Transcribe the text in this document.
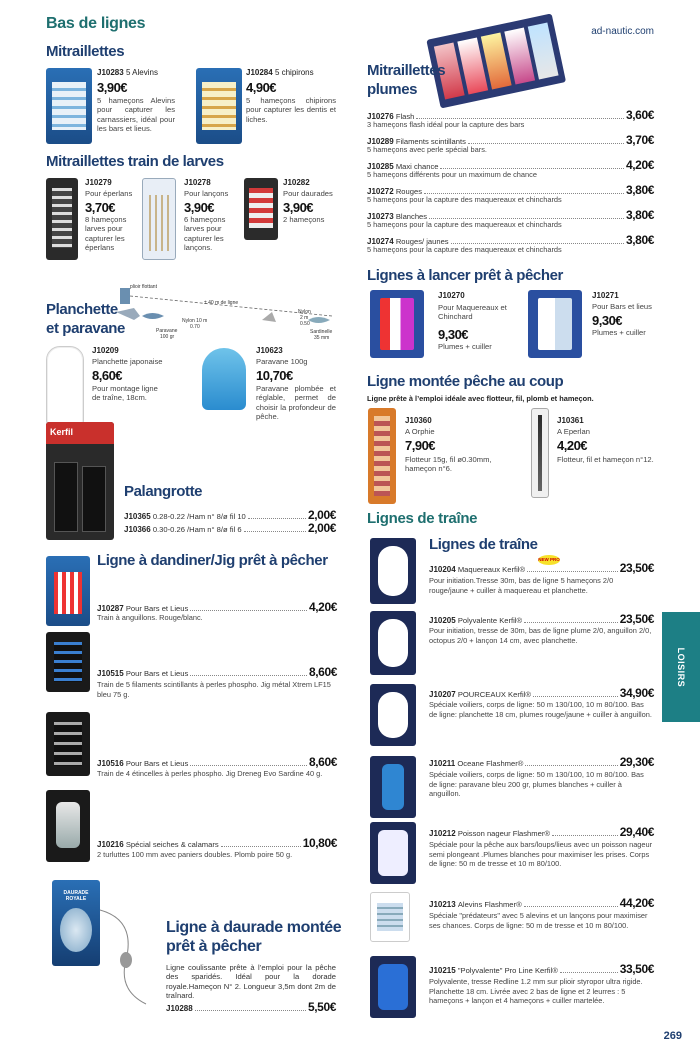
Bas de lignes	ad-nautic.com
Mitraillettes
J10283 5 Alevins
3,90€
5 hameçons Alevins pour capturer les carnassiers, idéal pour les bars et lieus.
J10284 5 chipirons
4,90€
5 hameçons chipirons pour capturer les dentis et liches.
Mitraillettes train de larves
J10279
Pour éperlans
3,70€
8 hameçons larves pour capturer les éperlans
J10278
Pour lançons
3,90€
6 hameçons larves pour capturer les lançons.
J10282
Pour daurades
3,90€
2 hameçons
Planchette
et paravane
plioir flottant
± 40 m de ligne
Nylon 10 m
0.70
Paravane
100 gr
Nylon
2 m
0.50
Sardinelle
35 mm
J10209
Planchette japonaise
8,60€
Pour montage ligne de traîne, 18cm.
J10623
Paravane 100g
10,70€
Paravane plombée et réglable, permet de choisir la profondeur de pêche.
Kerfil
Palangrotte
J10365
0.28-0.22 /Ham n° 8/ø fil 10	2,00€
J10366
0.30-0.26 /Ham n° 8/ø fil 6	2,00€
Ligne à dandiner/Jig prêt à pêcher
J10287
Pour Bars et Lieus	4,20€
Train à anguillons. Rouge/blanc.
J10515
Pour Bars et Lieus	8,60€
Train de 5 filaments scintillants à perles phospho. Jig métal Xtrem LF15 bleu 75 g.
J10516
Pour Bars et Lieus	8,60€
Train de 4 étincelles à perles phospho. Jig Dreneg Evo Sardine 40 g.
J10216
Spécial seiches & calamars	10,80€
2 turluttes 100 mm avec paniers doubles. Plomb poire 50 g.
DAURADE ROYALE
Ligne à daurade montée
prêt à pêcher
Ligne coulissante prête à l’emploi pour la pêche des sparidés. Idéal pour la dorade royale.Hameçon N° 2. Longueur 3,5m dont 2m de traînard.
J10288	5,50€
Mitraillettes
plumes
J10276
Flash	3,60€
3 hameçons flash idéal pour la capture des bars
J10289
Filaments scintillants	3,70€
5 hameçons avec perle spécial bars.
J10285
Maxi chance	4,20€
5 hameçons différents pour un maximum de chance
J10272
Rouges	3,80€
5 hameçons pour la capture des maquereaux et chinchards
J10273
Blanches	3,80€
5 hameçons pour la capture des maquereaux et chinchards
J10274
Rouges/ jaunes	3,80€
5 hameçons pour la capture des maquereaux et chinchards
Lignes à lancer prêt à pêcher
J10270
Pour Maquereaux et Chinchard
9,30€
Plumes + cuiller
J10271
Pour Bars et lieus
9,30€
Plumes + cuiller
Ligne montée pêche au coup
Ligne prête à l’emploi idéale avec flotteur, fil, plomb et hameçon.
J10360
A Orphie
7,90€
Flotteur 15g, fil ø0.30mm, hameçon n°6.
J10361
A Eperlan
4,20€
Flotteur, fil et hameçon n°12.
Lignes de traîne
Lignes de traîne
NEW PRO
J10204
Maquereaux Kerfil®	23,50€
Pour initiation.Tresse 30m, bas de ligne 5 hameçons 2/0 rouge/jaune + cuiller à maquereau et planchette.
J10205
Polyvalente Kerfil®	23,50€
Pour initiation, tresse de 30m, bas de ligne plume 2/0, anguillon 2/0, octopus 2/0 + lançon 14 cm, avec planchette.
J10207
POURCEAUX Kerfil®	34,90€
Spéciale voiliers, corps de ligne: 50 m 130/100, 10 m 80/100. Bas de ligne: planchette 18 cm, plumes rouge/jaune + cuiller à anguillon.
J10211
Oceane Flashmer®	29,30€
Spéciale voiliers, corps de ligne: 50 m 130/100, 10 m 80/100. Bas de ligne: paravane bleu 200 gr, plumes blanches + cuiller à anguillon.
J10212
Poisson nageur Flashmer®	29,40€
Spéciale pour la pêche aux bars/loups/lieus avec un poisson nageur semi plongeant .Plumes blanches pour maximiser les prises. Corps de ligne: 50 m de tresse et 10 m 80/100.
J10213
Alevins Flashmer®	44,20€
Spéciale "prédateurs" avec 5 alevins et un lançons pour maximiser ses chances. Corps de ligne: 50 m de tresse et 10 m 80/100.
J10215
"Polyvalente" Pro Line Kerfil®	33,50€
Polyvalente, tresse Redline 1.2 mm sur plioir styropor ultra rigide. Planchette 18 cm. Livrée avec 2 bas de ligne et 2 leurres : 5 hameçons + lançon et 4 hameçons + cuiller martelée.
LOISIRS
269
